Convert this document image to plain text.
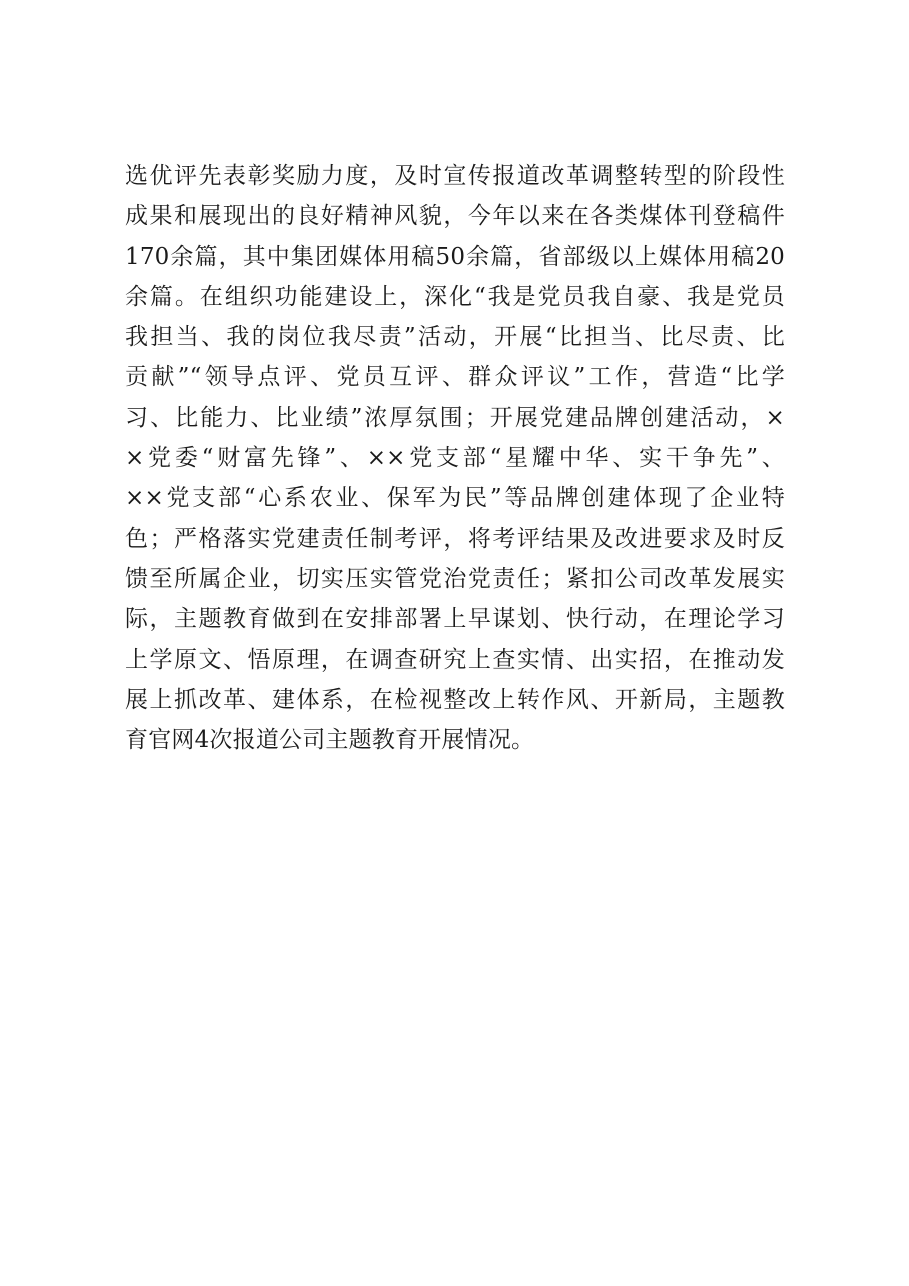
选优评先表彰奖励力度，及时宣传报道改革调整转型的阶段性
成果和展现出的良好精神风貌，今年以来在各类煤体刊登稿件
170余篇，其中集团媒体用稿50余篇，省部级以上媒体用稿20
余篇。在组织功能建设上，深化“我是党员我自豪、我是党员
我担当、我的岗位我尽责”活动，开展“比担当、比尽责、比
贡献”“领导点评、党员互评、群众评议”工作，营造“比学
习、比能力、比业绩”浓厚氛围；开展党建品牌创建活动，×
×党委“财富先锋”、××党支部“星耀中华、实干争先”、
××党支部“心系农业、保军为民”等品牌创建体现了企业特
色；严格落实党建责任制考评，将考评结果及改进要求及时反
馈至所属企业，切实压实管党治党责任；紧扣公司改革发展实
际，主题教育做到在安排部署上早谋划、快行动，在理论学习
上学原文、悟原理，在调查研究上查实情、出实招，在推动发
展上抓改革、建体系，在检视整改上转作风、开新局，主题教
育官网4次报道公司主题教育开展情况。
